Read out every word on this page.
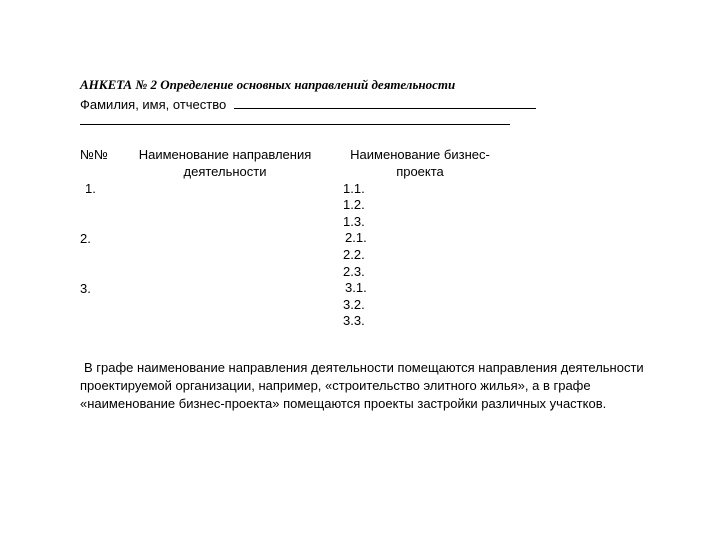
АНКЕТА № 2 Определение основных направлений деятельности
Фамилия, имя, отчество
№№	Наименование направления
деятельности
Наименование бизнес-
проекта
1.
2.
3.
1.1.
1.2.
1.3.
2.1.
2.2.
2.3.
3.1.
3.2.
3.3.
В графе наименование направления деятельности помещаются направления деятельности проектируемой организации, например, «строительство элитного жилья», а в графе «наименование бизнес-проекта» помещаются проекты застройки различных участков.
